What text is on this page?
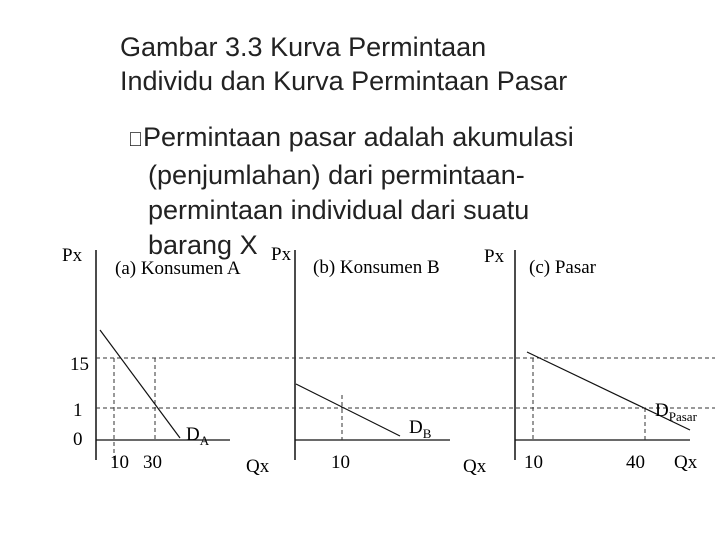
Gambar 3.3 Kurva Permintaan
Individu dan Kurva Permintaan Pasar
Permintaan pasar adalah akumulasi
(penjumlahan) dari permintaan-
permintaan individual dari suatu
barang X
Px	Px	Px
(a) Konsumen A	(b) Konsumen B	(c) Pasar
15
1
0
10 30	10	10	40
Qx	Qx	Qx
$D_A$
$D_B$
$D_{Pasar}$
